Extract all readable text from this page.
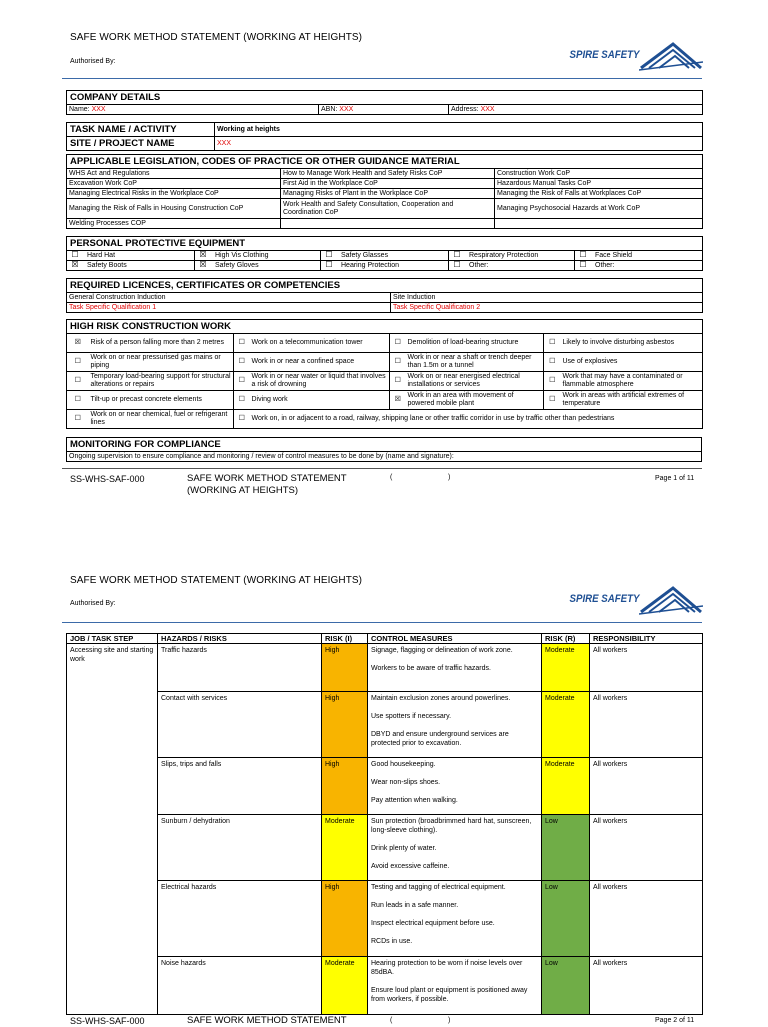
SAFE WORK METHOD STATEMENT (WORKING AT HEIGHTS)
Authorised By:
SPIRE SAFETY
COMPANY DETAILS
Name: XXX	ABN: XXX	Address: XXX
TASK NAME / ACTIVITY	Working at heights
SITE / PROJECT NAME	XXX
APPLICABLE LEGISLATION, CODES OF PRACTICE OR OTHER GUIDANCE MATERIAL		
WHS Act and Regulations	How to Manage Work Health and Safety Risks CoP	Construction Work CoP
Excavation Work CoP	First Aid in the Workplace CoP	Hazardous Manual Tasks CoP
Managing Electrical Risks in the Workplace CoP	Managing Risks of Plant in the Workplace CoP	Managing the Risk of Falls at Workplaces CoP
Managing the Risk of Falls in Housing Construction CoP	Work Health and Safety Consultation, Cooperation and Coordination CoP	Managing Psychosocial Hazards at Work CoP
Welding Processes COP		
PERSONAL PROTECTIVE EQUIPMENT				
☐ Hard Hat	☒ High Vis Clothing	☐ Safety Glasses	☐ Respiratory Protection	☐ Face Shield
☒ Safety Boots	☒ Safety Gloves	☐ Hearing Protection	☐ Other:	☐ Other:
REQUIRED LICENCES, CERTIFICATES OR COMPETENCIES	
General Construction Induction	Site Induction
Task Specific Qualification 1	Task Specific Qualification 2
HIGH RISK CONSTRUCTION WORK							
☒	Risk of a person falling more than 2 metres	☐	Work on a telecommunication tower	☐	Demolition of load-bearing structure	☐	Likely to involve disturbing asbestos
☐	Work on or near pressurised gas mains or piping	☐	Work in or near a confined space	☐	Work in or near a shaft or trench deeper than 1.5m or a tunnel	☐	Use of explosives
☐	Temporary load-bearing support for structural alterations or repairs	☐	Work in or near water or liquid that involves a risk of drowning	☐	Work on or near energised electrical installations or services	☐	Work that may have a contaminated or flammable atmosphere
☐	Tilt-up or precast concrete elements	☐	Diving work	☒	Work in an area with movement of powered mobile plant	☐	Work in areas with artificial extremes of temperature
☐	Work on or near chemical, fuel or refrigerant lines	☐	Work on, in or adjacent to a road, railway, shipping lane or other traffic corridor in use by traffic other than pedestrians				
MONITORING FOR COMPLIANCE
Ongoing supervision to ensure compliance and monitoring / review of control measures to be done by (name and signature):
SS-WHS-SAF-000	SAFE WORK METHOD STATEMENT
(WORKING AT HEIGHTS)
(	)	Page 1 of 11
SAFE WORK METHOD STATEMENT (WORKING AT HEIGHTS)
Authorised By:	SPIRE SAFETY
JOB / TASK STEP	HAZARDS / RISKS	RISK (I)	CONTROL MEASURES	RISK (R)	RESPONSIBILITY
Accessing site and starting work	Traffic hazards	High	Signage, flagging or delineation of work zone.

Workers to be aware of traffic hazards.	Moderate	All workers
	Contact with services	High	Maintain exclusion zones around powerlines.

Use spotters if necessary.

DBYD and ensure underground services are protected prior to excavation.	Moderate	All workers
	Slips, trips and falls	High	Good housekeeping.

Wear non-slips shoes.

Pay attention when walking.	Moderate	All workers
	Sunburn / dehydration	Moderate	Sun protection (broadbrimmed hard hat, sunscreen, long-sleeve clothing).

Drink plenty of water.

Avoid excessive caffeine.	Low	All workers
	Electrical hazards	High	Testing and tagging of electrical equipment.

Run leads in a safe manner.

Inspect electrical equipment before use.

RCDs in use.	Low	All workers
	Noise hazards	Moderate	Hearing protection to be worn if noise levels over 85dBA.

Ensure loud plant or equipment is positioned away from workers, if possible.	Low	All workers
SS-WHS-SAF-000	SAFE WORK METHOD STATEMENT	(	)	Page 2 of 11
